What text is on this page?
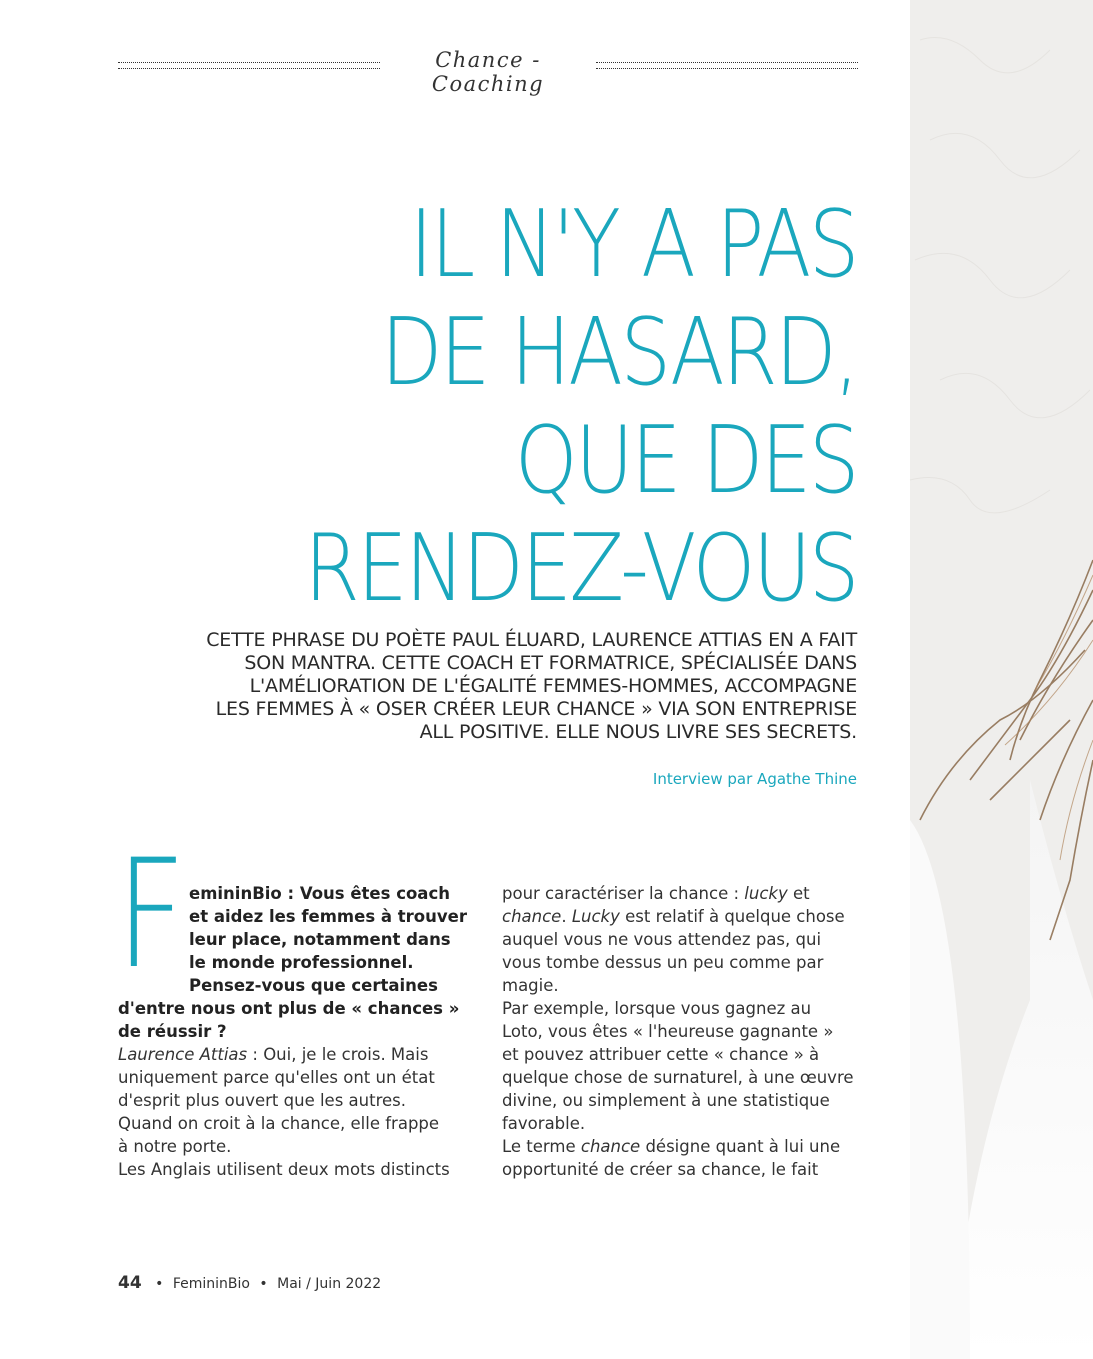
Chance - Coaching
IL N'Y A PAS
DE HASARD,
QUE DES
RENDEZ-VOUS
CETTE PHRASE DU POÈTE PAUL ÉLUARD, LAURENCE ATTIAS EN A FAIT
SON MANTRA. CETTE COACH ET FORMATRICE, SPÉCIALISÉE DANS
L'AMÉLIORATION DE L'ÉGALITÉ FEMMES-HOMMES, ACCOMPAGNE
LES FEMMES À « OSER CRÉER LEUR CHANCE » VIA SON ENTREPRISE
ALL POSITIVE. ELLE NOUS LIVRE SES SECRETS.
Interview par Agathe Thine
F emininBio : Vous êtes coach
et aidez les femmes à trouver
leur place, notamment dans
le monde professionnel.
Pensez-vous que certaines
d'entre nous ont plus de « chances »
de réussir ?
Laurence Attias : Oui, je le crois. Mais
uniquement parce qu'elles ont un état
d'esprit plus ouvert que les autres.
Quand on croit à la chance, elle frappe
à notre porte.
Les Anglais utilisent deux mots distincts
pour caractériser la chance : lucky et
chance. Lucky est relatif à quelque chose
auquel vous ne vous attendez pas, qui
vous tombe dessus un peu comme par
magie.
Par exemple, lorsque vous gagnez au
Loto, vous êtes « l'heureuse gagnante »
et pouvez attribuer cette « chance » à
quelque chose de surnaturel, à une œuvre
divine, ou simplement à une statistique
favorable.
Le terme chance désigne quant à lui une
opportunité de créer sa chance, le fait
44 • FemininBio • Mai / Juin 2022
